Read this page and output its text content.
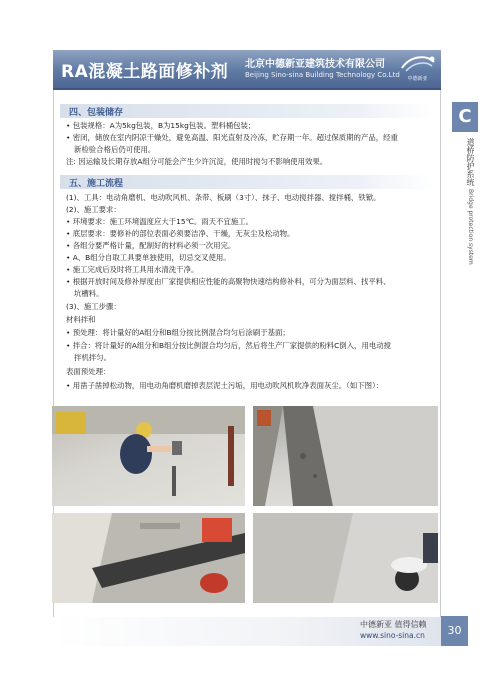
RA混凝土路面修补剂 北京中德新亚建筑技术有限公司
Beijing Sino-sina Building Technology Co.Ltd	中德新亚
C
道桥防护系统 Bridge protection system
四、包装储存
• 包装规格：A为5kg包装，B为15kg包装。塑料桶包装；
• 密闭，储放在室内阴凉干燥处，避免高温、阳光直射及冷冻，贮存期一年。超过保质期的产品，经重
新检验合格后仍可使用。
注: 因运输及长期存放A组分可能会产生少许沉淀，使用时搅匀不影响使用效果。
五、施工流程
(1)、工具：电动角磨机、电动吹风机、条带、板刷（3寸）、抹子、电动搅拌器、搅拌桶、铁锨。
(2)、施工要求：
• 环境要求：施工环境温度应大于15℃。雨天不宜施工。
• 底层要求：要修补的部位表面必须要洁净、干燥，无灰尘及松动物。
• 各组分要严格计量，配制好的材料必须一次用完。
• A、B组分自取工具要单独使用，切忌交叉使用。
• 施工完成后及时将工具用水清洗干净。
• 根据开放时间及修补厚度由厂家提供相应性能的高聚物快速结构修补料，可分为面层料、找平料、
坑槽料。
(3)、施工步骤：
材料拌和
• 预处理：将计量好的A组分和B组分按比例混合均匀后涂刷于基面；
• 拌合：将计量好的A组分和B组分按比例混合均匀后，然后将生产厂家提供的粉料C倒入，用电动搅
拌机拌匀。
表面预处理：
• 用凿子凿掉松动物，用电动角磨机磨掉表层泥土污垢，用电动吹风机吹净表面灰尘。（如下图）：
中德新亚 值得信赖
www.sino-sina.cn	30
